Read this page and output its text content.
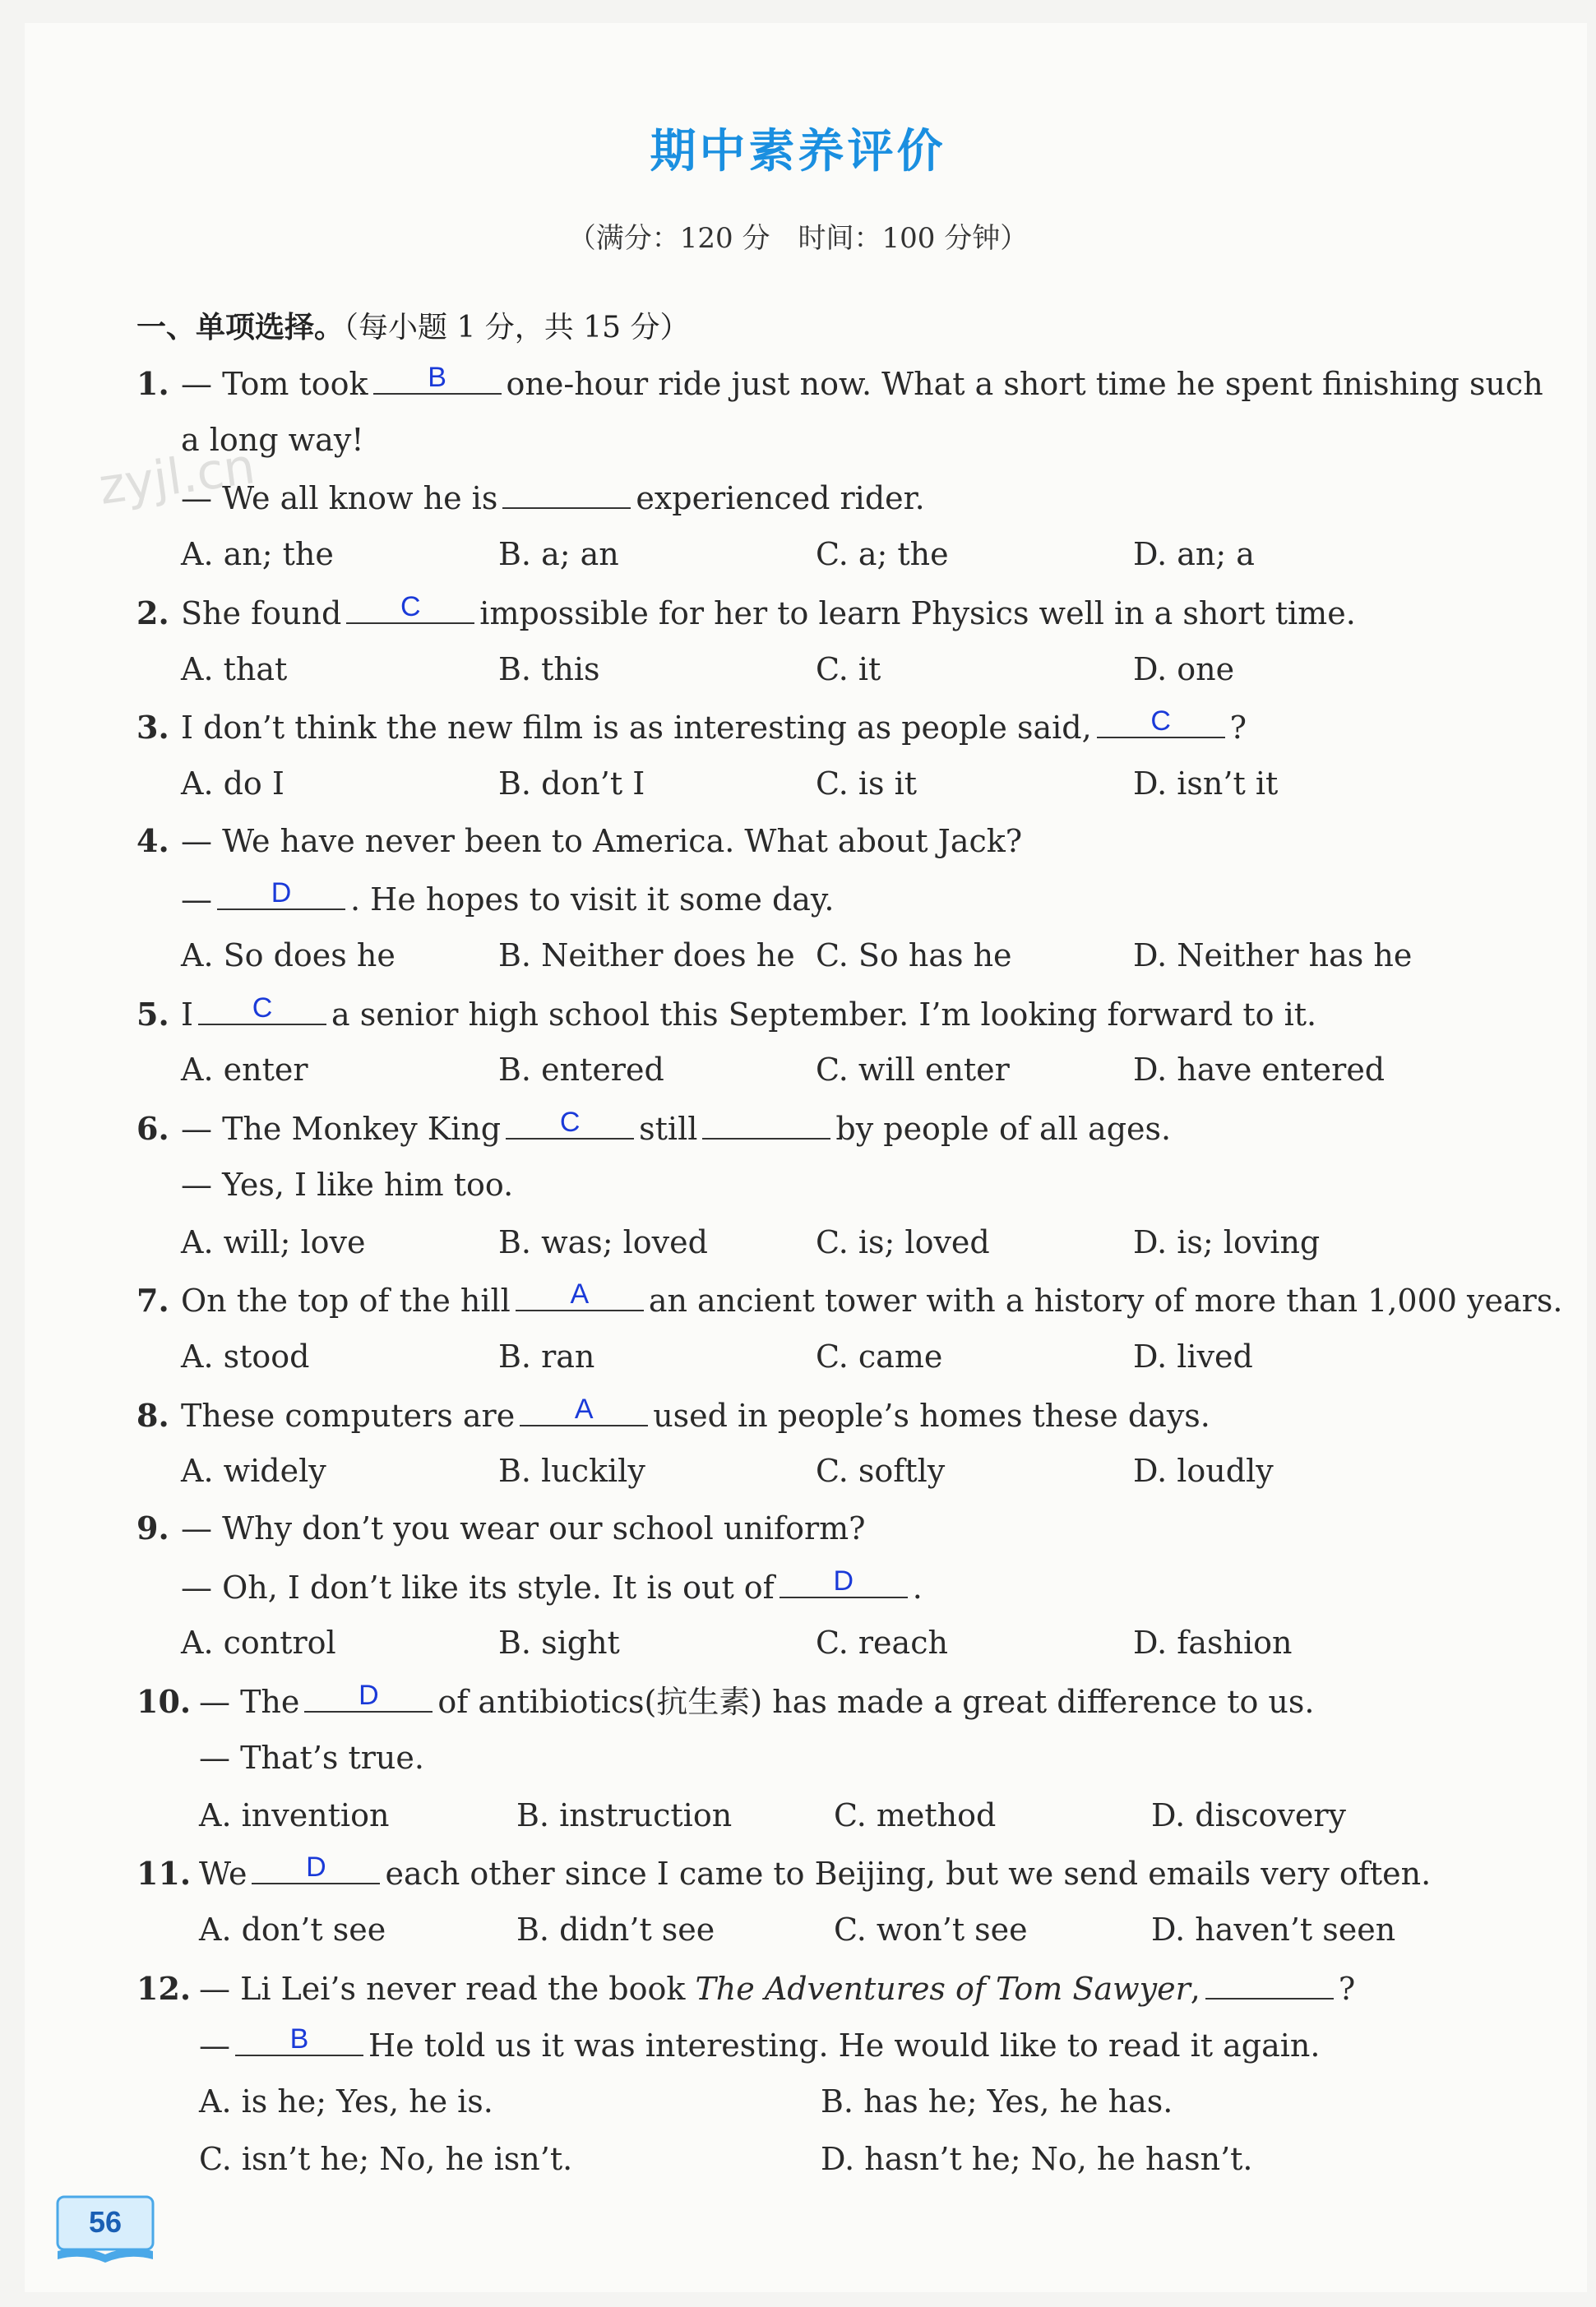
期中素养评价
（满分：120 分　时间：100 分钟）
一、单项选择。（每小题 1 分，共 15 分）
zyjl.cn
1. — Tom took	B	one-hour ride just now. What a short time he spent finishing such
a long way!
— We all know he is	experienced rider.
A. an; the	B. a; an	C. a; the	D. an; a
2. She found	C	impossible for her to learn Physics well in a short time.
A. that	B. this	C. it	D. one
3. I don’t think the new film is as interesting as people said,	C	?
A. do I	B. don’t I	C. is it	D. isn’t it
4. — We have never been to America. What about Jack?
—	D	. He hopes to visit it some day.
A. So does he	B. Neither does he C. So has he	D. Neither has he
5. I	C	a senior high school this September. I’m looking forward to it.
A. enter	B. entered	C. will enter	D. have entered
6. — The Monkey King	C	still	by people of all ages.
— Yes, I like him too.
A. will; love	B. was; loved	C. is; loved	D. is; loving
7. On the top of the hill	A	an ancient tower with a history of more than 1,000 years.
A. stood	B. ran	C. came	D. lived
8. These computers are	A	used in people’s homes these days.
A. widely	B. luckily	C. softly	D. loudly
9. — Why don’t you wear our school uniform?
— Oh, I don’t like its style. It is out of	D	.
A. control	B. sight	C. reach	D. fashion
10. — The	D	of antibiotics(抗生素) has made a great difference to us.
— That’s true.
A. invention	B. instruction	C. method	D. discovery
11. We	D	each other since I came to Beijing, but we send emails very often.
A. don’t see	B. didn’t see	C. won’t see	D. haven’t seen
12. — Li Lei’s never read the book The Adventures of Tom Sawyer,	?
—	B	He told us it was interesting. He would like to read it again.
A. is he; Yes, he is.	B. has he; Yes, he has.
C. isn’t he; No, he isn’t.	D. hasn’t he; No, he hasn’t.
56
